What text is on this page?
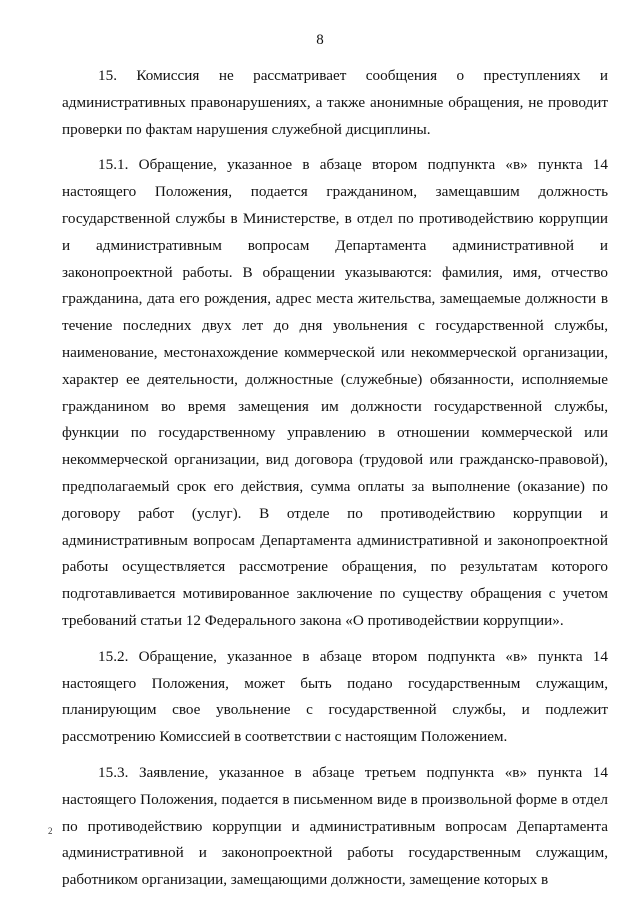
8

15. Комиссия не рассматривает сообщения о преступлениях и административных правонарушениях, а также анонимные обращения, не проводит проверки по фактам нарушения служебной дисциплины.

15.1. Обращение, указанное в абзаце втором подпункта «в» пункта 14 настоящего Положения, подается гражданином, замещавшим должность государственной службы в Министерстве, в отдел по противодействию коррупции и административным вопросам Департамента административной и законопроектной работы. В обращении указываются: фамилия, имя, отчество гражданина, дата его рождения, адрес места жительства, замещаемые должности в течение последних двух лет до дня увольнения с государственной службы, наименование, местонахождение коммерческой или некоммерческой организации, характер ее деятельности, должностные (служебные) обязанности, исполняемые гражданином во время замещения им должности государственной службы, функции по государственному управлению в отношении коммерческой или некоммерческой организации, вид договора (трудовой или гражданско-правовой), предполагаемый срок его действия, сумма оплаты за выполнение (оказание) по договору работ (услуг). В отделе по противодействию коррупции и административным вопросам Департамента административной и законопроектной работы осуществляется рассмотрение обращения, по результатам которого подготавливается мотивированное заключение по существу обращения с учетом требований статьи 12 Федерального закона «О противодействии коррупции».

15.2. Обращение, указанное в абзаце втором подпункта «в» пункта 14 настоящего Положения, может быть подано государственным служащим, планирующим свое увольнение с государственной службы, и подлежит рассмотрению Комиссией в соответствии с настоящим Положением.

15.3. Заявление, указанное в абзаце третьем подпункта «в» пункта 14 настоящего Положения, подается в письменном виде в произвольной форме в отдел по противодействию коррупции и административным вопросам Департамента административной и законопроектной работы государственным служащим, работником организации, замещающими должности, замещение которых в

2
